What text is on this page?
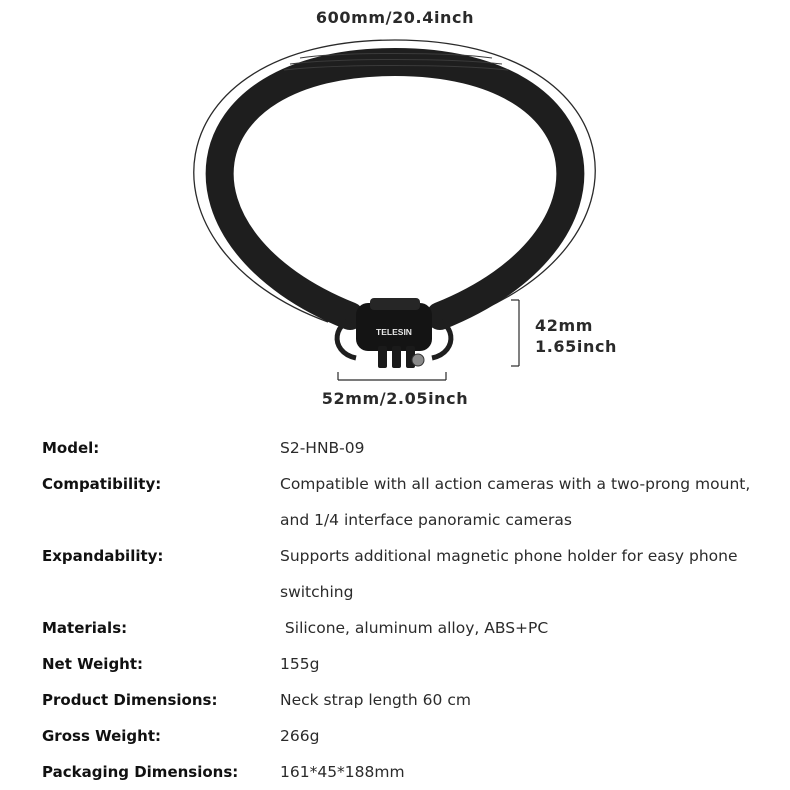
600mm/20.4inch
TELESIN	42mm
1.65inch
52mm/2.05inch
Model:	S2-HNB-09
Compatibility:	Compatible with all action cameras with a two-prong mount, and 1/4 interface panoramic cameras
Expandability:	Supports additional magnetic phone holder for easy phone switching
Materials:	Silicone, aluminum alloy, ABS+PC
Net Weight:	155g
Product Dimensions:	Neck strap length 60 cm
Gross Weight:	266g
Packaging Dimensions:	161*45*188mm
